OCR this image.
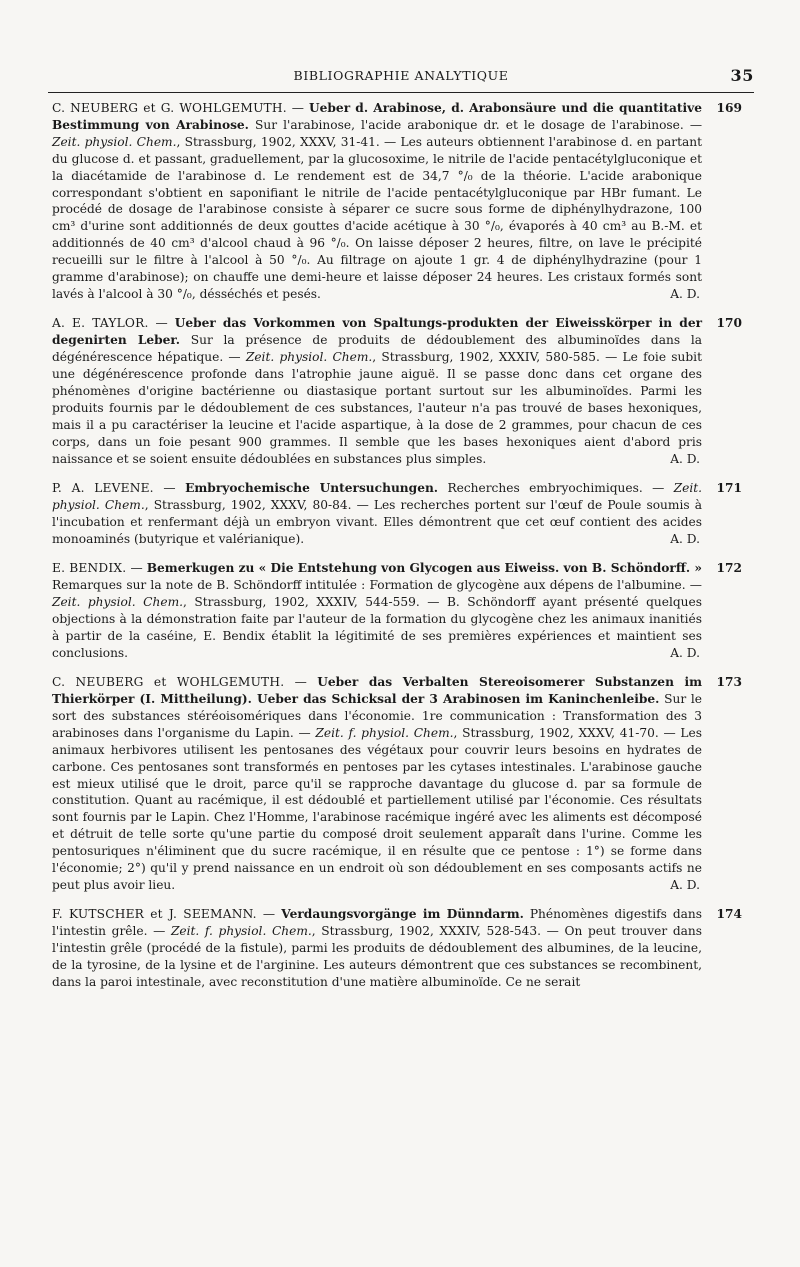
BIBLIOGRAPHIE ANALYTIQUE	35
169
C. NEUBERG et G. WOHLGEMUTH. — Ueber d. Arabinose, d. Arabonsäure und die quantitative Bestimmung von Arabinose. Sur l'arabinose, l'acide arabonique dr. et le dosage de l'arabinose. — Zeit. physiol. Chem., Strassburg, 1902, XXXV, 31-41. — Les auteurs obtiennent l'arabinose d. en partant du glucose d. et passant, graduellement, par la glucosoxime, le nitrile de l'acide pentacétylgluconique et la diacétamide de l'arabinose d. Le rendement est de 34,7 °/₀ de la théorie. L'acide arabonique correspondant s'obtient en saponifiant le nitrile de l'acide pentacétylgluconique par HBr fumant. Le procédé de dosage de l'arabinose consiste à séparer ce sucre sous forme de diphénylhydrazone, 100 cm³ d'urine sont additionnés de deux gouttes d'acide acétique à 30 °/₀, évaporés à 40 cm³ au B.-M. et additionnés de 40 cm³ d'alcool chaud à 96 °/₀. On laisse déposer 2 heures, filtre, on lave le précipité recueilli sur le filtre à l'alcool à 50 °/₀. Au filtrage on ajoute 1 gr. 4 de diphénylhydrazine (pour 1 gramme d'arabinose); on chauffe une demi-heure et laisse déposer 24 heures. Les cristaux formés sont lavés à l'alcool à 30 °/₀, désséchés et pesés.	A. D.
170
A. E. TAYLOR. — Ueber das Vorkommen von Spaltungs-produkten der Eiweisskörper in der degenirten Leber. Sur la présence de produits de dédoublement des albuminoïdes dans la dégénérescence hépatique. — Zeit. physiol. Chem., Strassburg, 1902, XXXIV, 580-585. — Le foie subit une dégénérescence profonde dans l'atrophie jaune aiguë. Il se passe donc dans cet organe des phénomènes d'origine bactérienne ou diastasique portant surtout sur les albuminoïdes. Parmi les produits fournis par le dédoublement de ces substances, l'auteur n'a pas trouvé de bases hexoniques, mais il a pu caractériser la leucine et l'acide aspartique, à la dose de 2 grammes, pour chacun de ces corps, dans un foie pesant 900 grammes. Il semble que les bases hexoniques aient d'abord pris naissance et se soient ensuite dédoublées en substances plus simples.	A. D.
171
P. A. LEVENE. — Embryochemische Untersuchungen. Recherches embryochimiques. — Zeit. physiol. Chem., Strassburg, 1902, XXXV, 80-84. — Les recherches portent sur l'œuf de Poule soumis à l'incubation et renfermant déjà un embryon vivant. Elles démontrent que cet œuf contient des acides monoaminés (butyrique et valérianique).	A. D.
172
E. BENDIX. — Bemerkugen zu « Die Entstehung von Glycogen aus Eiweiss. von B. Schöndorff. » Remarques sur la note de B. Schöndorff intitulée : Formation de glycogène aux dépens de l'albumine. — Zeit. physiol. Chem., Strassburg, 1902, XXXIV, 544-559. — B. Schöndorff ayant présenté quelques objections à la démonstration faite par l'auteur de la formation du glycogène chez les animaux inanitiés à partir de la caséine, E. Bendix établit la légitimité de ses premières expériences et maintient ses conclusions.	A. D.
173
C. NEUBERG et WOHLGEMUTH. — Ueber das Verbalten Stereoisomerer Substanzen im Thierkörper (I. Mittheilung). Ueber das Schicksal der 3 Arabinosen im Kaninchenleibe. Sur le sort des substances stéréoisomériques dans l'économie. 1re communication : Transformation des 3 arabinoses dans l'organisme du Lapin. — Zeit. f. physiol. Chem., Strassburg, 1902, XXXV, 41-70. — Les animaux herbivores utilisent les pentosanes des végétaux pour couvrir leurs besoins en hydrates de carbone. Ces pentosanes sont transformés en pentoses par les cytases intestinales. L'arabinose gauche est mieux utilisé que le droit, parce qu'il se rapproche davantage du glucose d. par sa formule de constitution. Quant au racémique, il est dédoublé et partiellement utilisé par l'économie. Ces résultats sont fournis par le Lapin. Chez l'Homme, l'arabinose racémique ingéré avec les aliments est décomposé et détruit de telle sorte qu'une partie du composé droit seulement apparaît dans l'urine. Comme les pentosuriques n'éliminent que du sucre racémique, il en résulte que ce pentose : 1°) se forme dans l'économie; 2°) qu'il y prend naissance en un endroit où son dédoublement en ses composants actifs ne peut plus avoir lieu.	A. D.
174
F. KUTSCHER et J. SEEMANN. — Verdaungsvorgänge im Dünndarm. Phénomènes digestifs dans l'intestin grêle. — Zeit. f. physiol. Chem., Strassburg, 1902, XXXIV, 528-543. — On peut trouver dans l'intestin grêle (procédé de la fistule), parmi les produits de dédoublement des albumines, de la leucine, de la tyrosine, de la lysine et de l'arginine. Les auteurs démontrent que ces substances se recombinent, dans la paroi intestinale, avec reconstitution d'une matière albuminoïde. Ce ne serait
